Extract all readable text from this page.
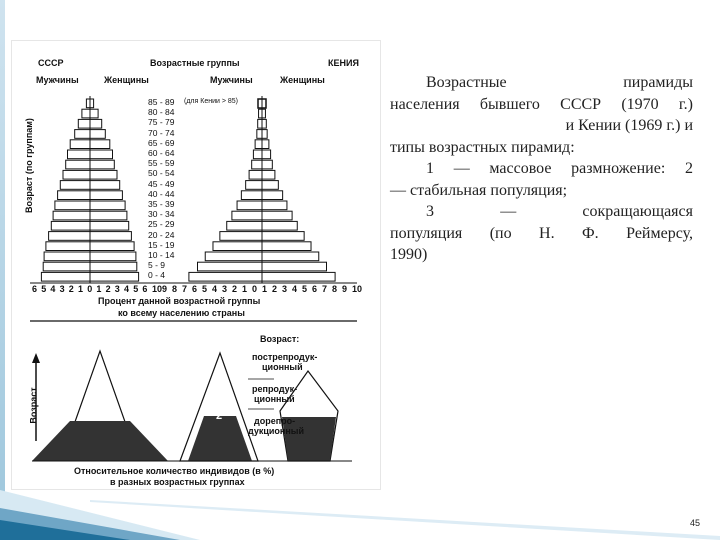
СССР	Возрастные группы	КЕНИЯ
Мужчины	Женщины	Мужчины	Женщины
(для Кении > 85)
Возраст (по группам)
85 - 89
80 - 84
75 - 79
70 - 74
65 - 69
60 - 64
55 - 59
50 - 54
45 - 49
40 - 44
35 - 39
30 - 34
25 - 29
20 - 24
15 - 19
10 - 14
5 - 9
0 - 4
6 5 4 3 2 1 0 1 2 3 4 5 6 10 9 8 7 6 5 4 3 2 1 0 1 2 3 4 5 6 7 8 9 10
Процент данной возрастной группы
ко всему населению страны
Возраст:
пострепродук-
ционный
репродук-
ционный
дорепро-
дукционный
Возраст	1	2	3
Относительное количество индивидов (в %)
в разных возрастных группах

Возрастные пирамиды

населения бывшего СССР (1970 г.)

и Кении (1969 г.) и

типы возрастных пирамид:

1 — массовое размножение: 2

— стабильная популяция;

3 — сокращающаяся

популяция (по Н. Ф. Реймерсу,

1990)

45
